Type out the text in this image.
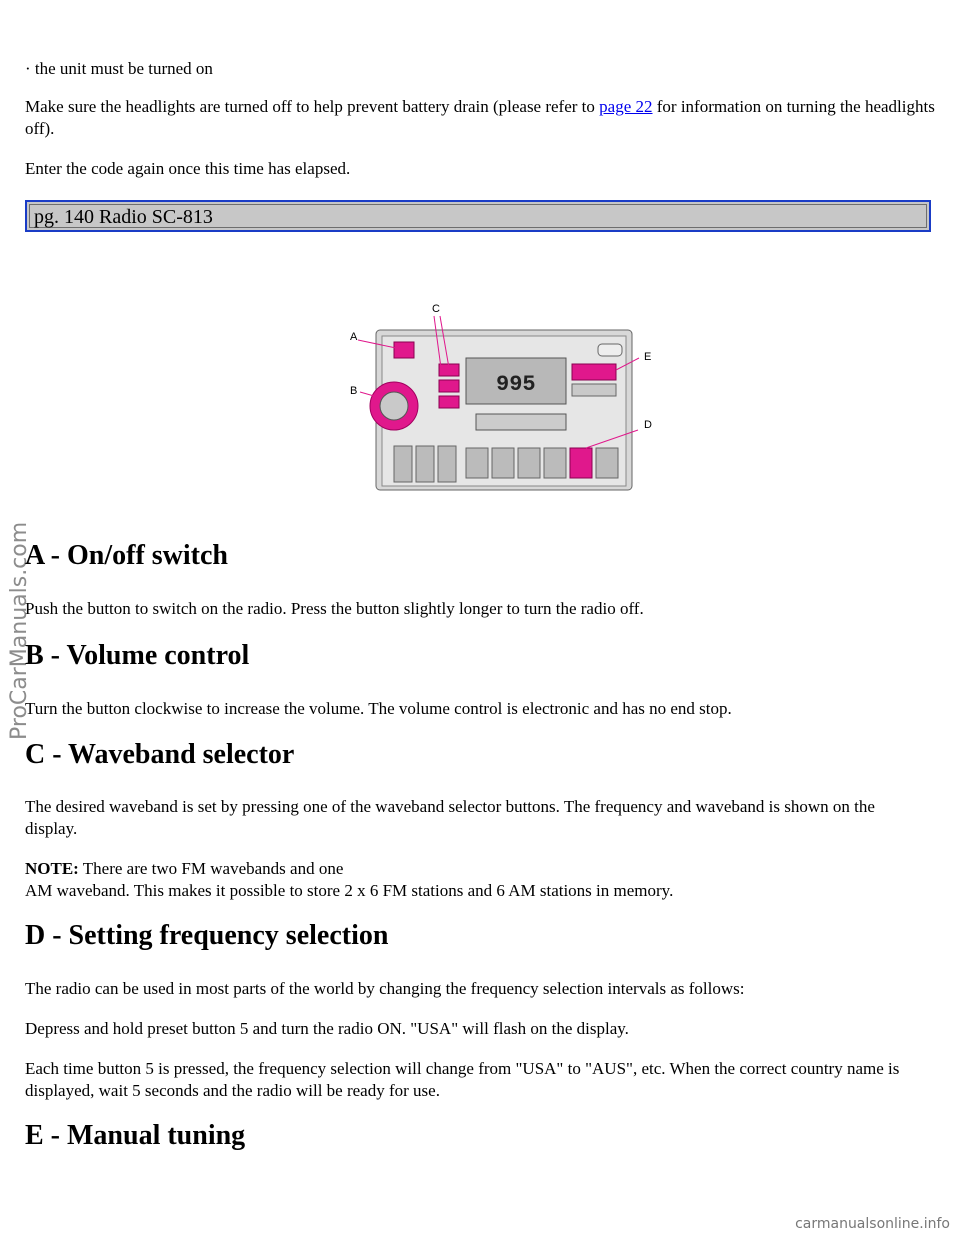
ProCarManuals.com

· the unit must be turned on

Make sure the headlights are turned off to help prevent battery drain (please refer to page 22 for information on turning the headlights off).

Enter the code again once this time has elapsed.

pg. 140 Radio SC-813
995
A
B
C
D
E
A - On/off switch

Push the button to switch on the radio. Press the button slightly longer to turn the radio off.

B - Volume control

Turn the button clockwise to increase the volume. The volume control is electronic and has no end stop.

C - Waveband selector

The desired waveband is set by pressing one of the waveband selector buttons. The frequency and waveband is shown on the display.

NOTE: There are two FM wavebands and one
AM waveband. This makes it possible to store 2 x 6 FM stations and 6 AM stations in memory.

D - Setting frequency selection

The radio can be used in most parts of the world by changing the frequency selection intervals as follows:

Depress and hold preset button 5 and turn the radio ON. "USA" will flash on the display.

Each time button 5 is pressed, the frequency selection will change from "USA" to "AUS", etc. When the correct country name is displayed, wait 5 seconds and the radio will be ready for use.

E - Manual tuning
carmanualsonline.info
